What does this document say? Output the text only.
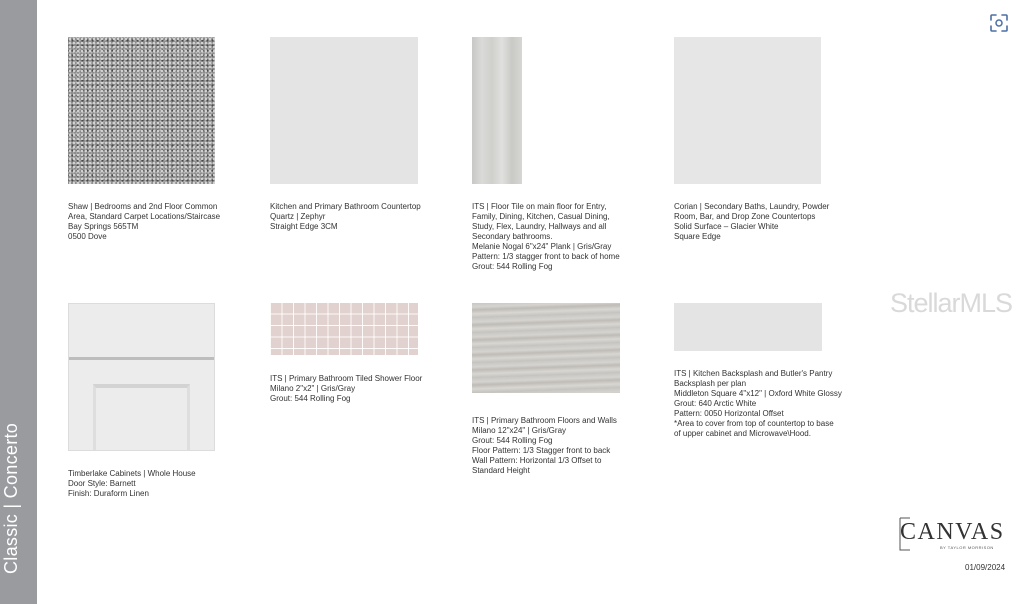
Classic | Concerto
Shaw | Bedrooms and 2nd Floor Common
Area, Standard Carpet Locations/Staircase
Bay Springs 565TM
0500 Dove
Kitchen and Primary Bathroom Countertop
Quartz | Zephyr
Straight Edge 3CM
ITS | Floor Tile on main floor for Entry,
Family, Dining, Kitchen, Casual Dining,
Study, Flex, Laundry, Hallways and all
Secondary bathrooms.
Melanie Nogal 6"x24" Plank | Gris/Gray
Pattern: 1/3 stagger front to back of home
Grout: 544 Rolling Fog
Corian | Secondary Baths, Laundry, Powder
Room, Bar, and Drop Zone Countertops
Solid Surface – Glacier White
Square Edge
Timberlake Cabinets | Whole House
Door Style: Barnett
Finish: Duraform Linen
ITS | Primary Bathroom Tiled Shower Floor
Milano 2"x2" | Gris/Gray
Grout: 544 Rolling Fog
ITS | Primary Bathroom Floors and Walls
Milano 12"x24" | Gris/Gray
Grout: 544 Rolling Fog
Floor Pattern: 1/3 Stagger front to back
Wall Pattern: Horizontal 1/3 Offset to
Standard Height
ITS | Kitchen Backsplash and Butler's Pantry
Backsplash per plan
Middleton Square 4"x12" | Oxford White Glossy
Grout: 640 Arctic White
Pattern: 0050 Horizontal Offset
*Area to cover from top of countertop to base
of upper cabinet and Microwave\Hood.
StellarMLS
CANVAS
BY TAYLOR MORRISON
01/09/2024
